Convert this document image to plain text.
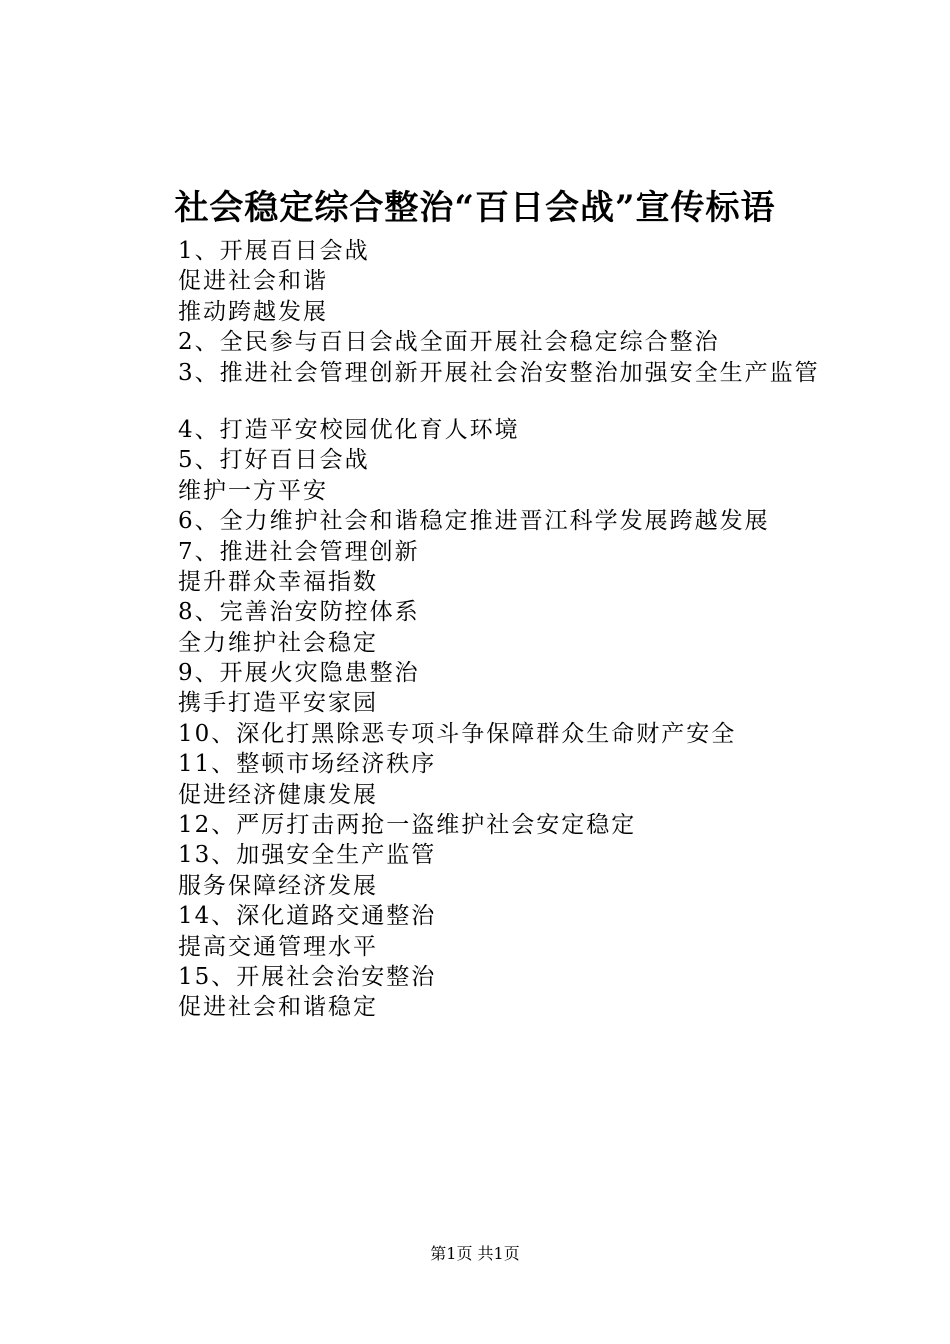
社会稳定综合整治“百日会战”宣传标语
1、开展百日会战
促进社会和谐
推动跨越发展
2、全民参与百日会战全面开展社会稳定综合整治
3、推进社会管理创新开展社会治安整治加强安全生产监管
4、打造平安校园优化育人环境
5、打好百日会战
维护一方平安
6、全力维护社会和谐稳定推进晋江科学发展跨越发展
7、推进社会管理创新
提升群众幸福指数
8、完善治安防控体系
全力维护社会稳定
9、开展火灾隐患整治
携手打造平安家园
10、深化打黑除恶专项斗争保障群众生命财产安全
11、整顿市场经济秩序
促进经济健康发展
12、严厉打击两抢一盗维护社会安定稳定
13、加强安全生产监管
服务保障经济发展
14、深化道路交通整治
提高交通管理水平
15、开展社会治安整治
促进社会和谐稳定
第1页 共1页
